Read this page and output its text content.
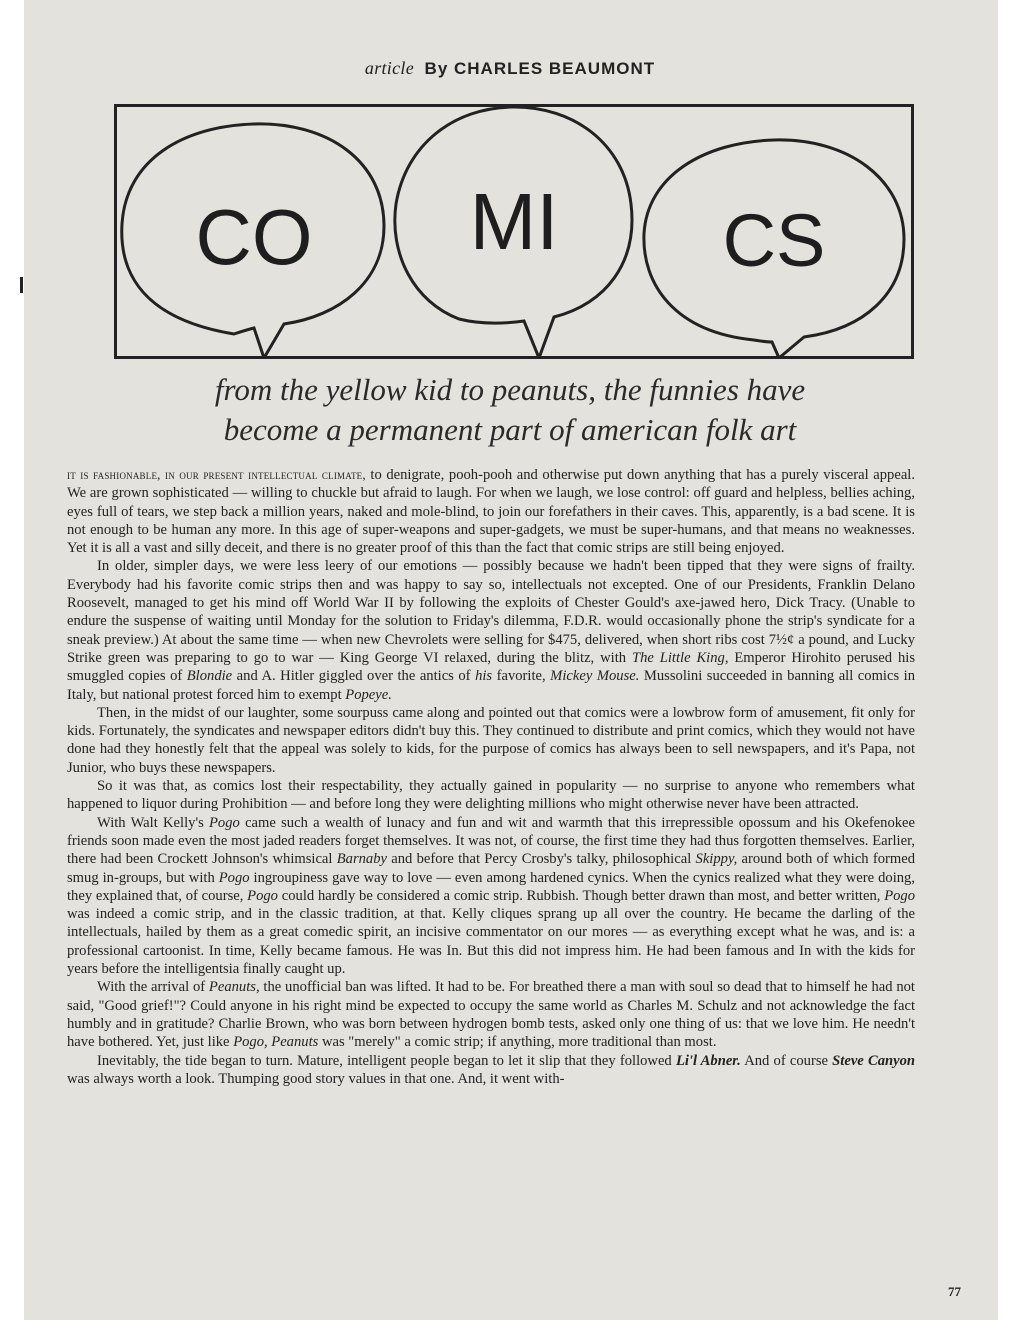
article By CHARLES BEAUMONT
CO MI CS
from the yellow kid to peanuts, the funnies have
become a permanent part of american folk art

it is fashionable, in our present intellectual climate, to denigrate, pooh-pooh and otherwise put down anything that has a purely visceral appeal. We are grown sophisticated — willing to chuckle but afraid to laugh. For when we laugh, we lose control: off guard and helpless, bellies aching, eyes full of tears, we step back a million years, naked and mole-blind, to join our forefathers in their caves. This, apparently, is a bad scene. It is not enough to be human any more. In this age of super-weapons and super-gadgets, we must be super-humans, and that means no weaknesses. Yet it is all a vast and silly deceit, and there is no greater proof of this than the fact that comic strips are still being enjoyed.

In older, simpler days, we were less leery of our emotions — possibly because we hadn't been tipped that they were signs of frailty. Everybody had his favorite comic strips then and was happy to say so, intellectuals not excepted. One of our Presidents, Franklin Delano Roosevelt, managed to get his mind off World War II by following the exploits of Chester Gould's axe-jawed hero, Dick Tracy. (Unable to endure the suspense of waiting until Monday for the solution to Friday's dilemma, F.D.R. would occasionally phone the strip's syndicate for a sneak preview.) At about the same time — when new Chevrolets were selling for $475, delivered, when short ribs cost 7½¢ a pound, and Lucky Strike green was preparing to go to war — King George VI relaxed, during the blitz, with The Little King, Emperor Hirohito perused his smuggled copies of Blondie and A. Hitler giggled over the antics of his favorite, Mickey Mouse. Mussolini succeeded in banning all comics in Italy, but national protest forced him to exempt Popeye.

Then, in the midst of our laughter, some sourpuss came along and pointed out that comics were a lowbrow form of amusement, fit only for kids. Fortunately, the syndicates and newspaper editors didn't buy this. They continued to distribute and print comics, which they would not have done had they honestly felt that the appeal was solely to kids, for the purpose of comics has always been to sell newspapers, and it's Papa, not Junior, who buys these newspapers.

So it was that, as comics lost their respectability, they actually gained in popularity — no surprise to anyone who remembers what happened to liquor during Prohibition — and before long they were delighting millions who might otherwise never have been attracted.

With Walt Kelly's Pogo came such a wealth of lunacy and fun and wit and warmth that this irrepressible opossum and his Okefenokee friends soon made even the most jaded readers forget themselves. It was not, of course, the first time they had thus forgotten themselves. Earlier, there had been Crockett Johnson's whimsical Barnaby and before that Percy Crosby's talky, philosophical Skippy, around both of which formed smug in-groups, but with Pogo ingroupiness gave way to love — even among hardened cynics. When the cynics realized what they were doing, they explained that, of course, Pogo could hardly be considered a comic strip. Rubbish. Though better drawn than most, and better written, Pogo was indeed a comic strip, and in the classic tradition, at that. Kelly cliques sprang up all over the country. He became the darling of the intellectuals, hailed by them as a great comedic spirit, an incisive commentator on our mores — as everything except what he was, and is: a professional cartoonist. In time, Kelly became famous. He was In. But this did not impress him. He had been famous and In with the kids for years before the intelligentsia finally caught up.

With the arrival of Peanuts, the unofficial ban was lifted. It had to be. For breathed there a man with soul so dead that to himself he had not said, "Good grief!"? Could anyone in his right mind be expected to occupy the same world as Charles M. Schulz and not acknowledge the fact humbly and in gratitude? Charlie Brown, who was born between hydrogen bomb tests, asked only one thing of us: that we love him. He needn't have bothered. Yet, just like Pogo, Peanuts was "merely" a comic strip; if anything, more traditional than most.

Inevitably, the tide began to turn. Mature, intelligent people began to let it slip that they followed Li'l Abner. And of course Steve Canyon was always worth a look. Thumping good story values in that one. And, it went with-

77
